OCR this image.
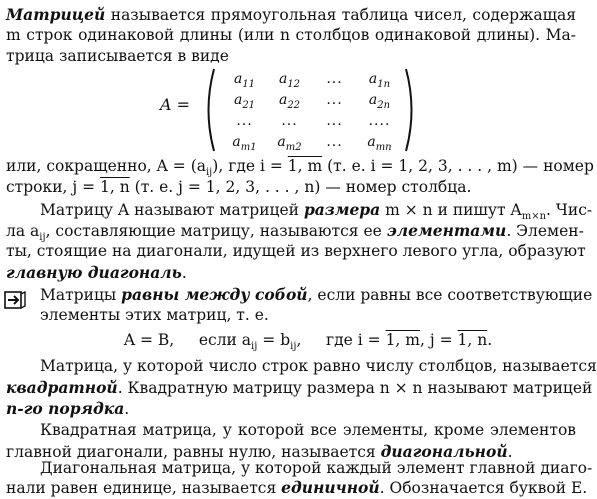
Матрицей называется прямоугольная таблица чисел, содержащая
m строк одинаковой длины (или n столбцов одинаковой длины). Ма-
трица записывается в виде
A =
$a_{11}$ $a_{12}$ ... $a_{1n}$
$a_{21}$ $a_{22}$ ... $a_{2n}$
... ... ... ....
$a_{m1}$ $a_{m2}$ ... $a_{mn}$
или, сокращенно, $A = (a_{ij})$, где i = 1, m (т. е. i = 1, 2, 3, . . . , m) — номер
строки, j = 1, n (т. е. j = 1, 2, 3, . . . , n) — номер столбца.
Матрицу A называют матрицей размера m × n и пишут $A_{m\times n}$. Чис-
ла $a_{ij}$, составляющие матрицу, называются ее элементами. Элемен-
ты, стоящие на диагонали, идущей из верхнего левого угла, образуют
главную диагональ.
Матрицы равны между собой, если равны все соответствующие
элементы этих матриц, т. е.
A = B,     если $a_{ij} = b_{ij}$,     где i = 1, m, j = 1, n.
Матрица, у которой число строк равно числу столбцов, называется
квадратной. Квадратную матрицу размера n × n называют матрицей
n-го порядка.
Квадратная матрица, у которой все элементы, кроме элементов
главной диагонали, равны нулю, называется диагональной.
Диагональная матрица, у которой каждый элемент главной диаго-
нали равен единице, называется единичной. Обозначается буквой E.
